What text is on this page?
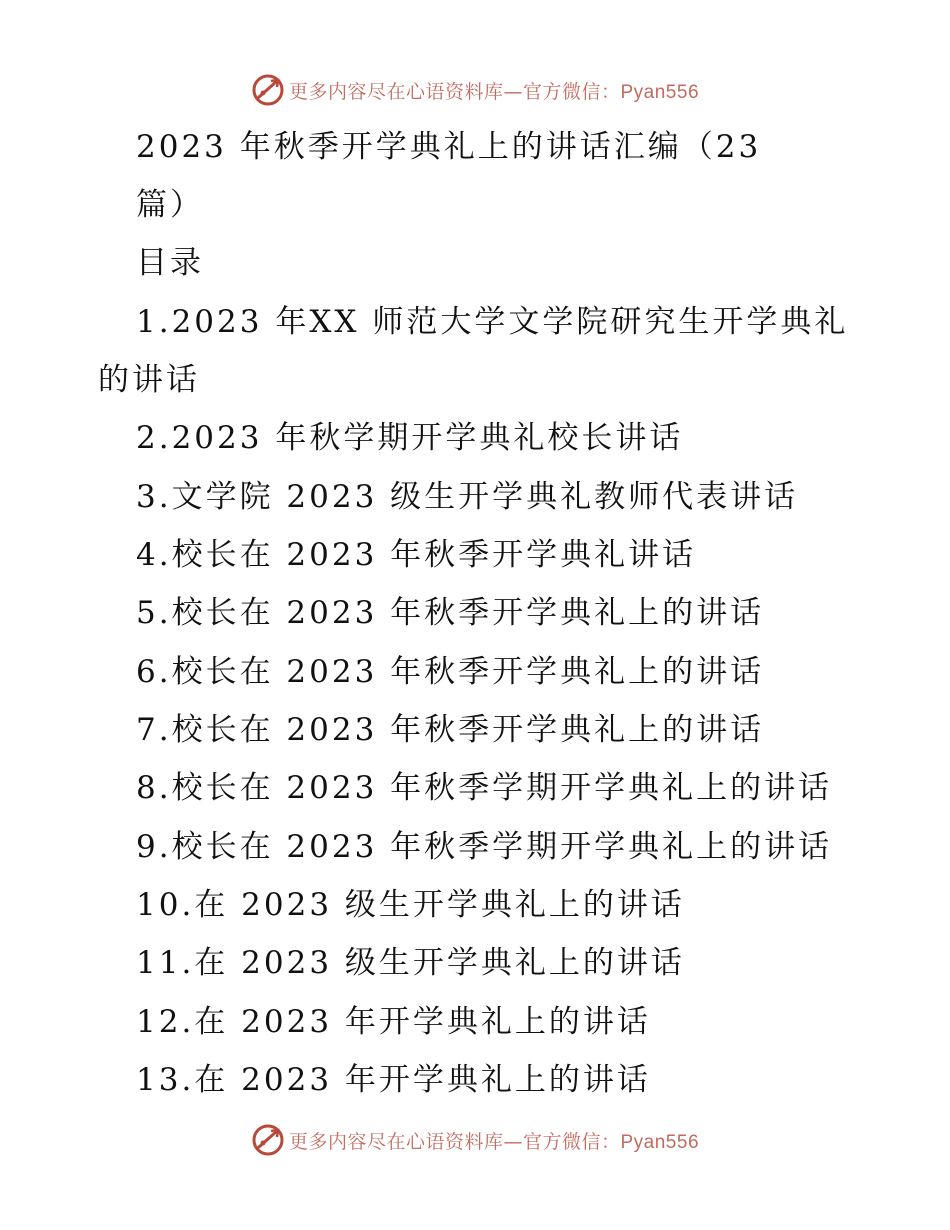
更多内容尽在心语资料库—官方微信：Pyan556
2023 年秋季开学典礼上的讲话汇编（23
篇）
目录
1.2023 年XX 师范大学文学院研究生开学典礼
的讲话
2.2023 年秋学期开学典礼校长讲话
3.文学院 2023 级生开学典礼教师代表讲话
4.校长在 2023 年秋季开学典礼讲话
5.校长在 2023 年秋季开学典礼上的讲话
6.校长在 2023 年秋季开学典礼上的讲话
7.校长在 2023 年秋季开学典礼上的讲话
8.校长在 2023 年秋季学期开学典礼上的讲话
9.校长在 2023 年秋季学期开学典礼上的讲话
10.在 2023 级生开学典礼上的讲话
11.在 2023 级生开学典礼上的讲话
12.在 2023 年开学典礼上的讲话
13.在 2023 年开学典礼上的讲话
更多内容尽在心语资料库—官方微信：Pyan556
